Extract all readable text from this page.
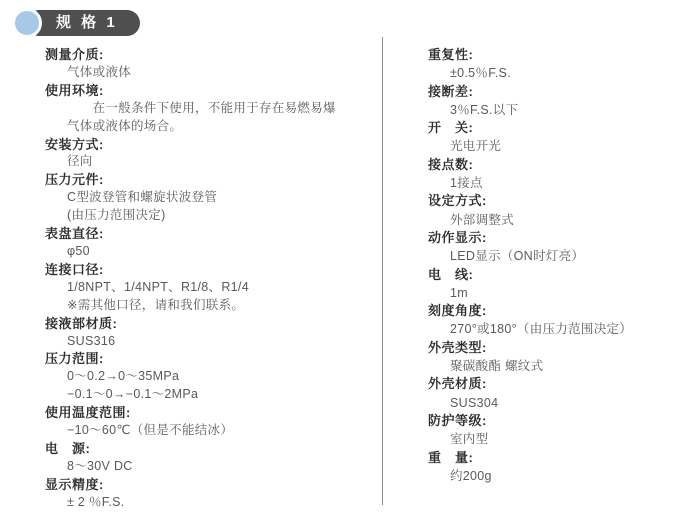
规 格 1
测量介质:
气体或液体
使用环境:
　　在一般条件下使用，不能用于存在易燃易爆
气体或液体的场合。
安装方式:
径向
压力元件:
C型波登管和螺旋状波登管
(由压力范围决定)
表盘直径:
φ50
连接口径:
1/8NPT、1/4NPT、R1/8、R1/4
※需其他口径，请和我们联系。
接液部材质:
SUS316
压力范围:
0～0.2→0～35MPa
−0.1～0→−0.1～2MPa
使用温度范围:
−10～60℃（但是不能结冰）
电　源:
8～30V DC
显示精度:
± 2 ％F.S.
重复性:
±0.5％F.S.
接断差:
3％F.S.以下
开　关:
光电开光
接点数:
1接点
设定方式:
外部调整式
动作显示:
LED显示（ON时灯亮）
电　线:
1m
刻度角度:
270°或180°（由压力范围决定）
外壳类型:
聚碳酸酯 螺纹式
外壳材质:
SUS304
防护等级:
室内型
重　量:
约200g
